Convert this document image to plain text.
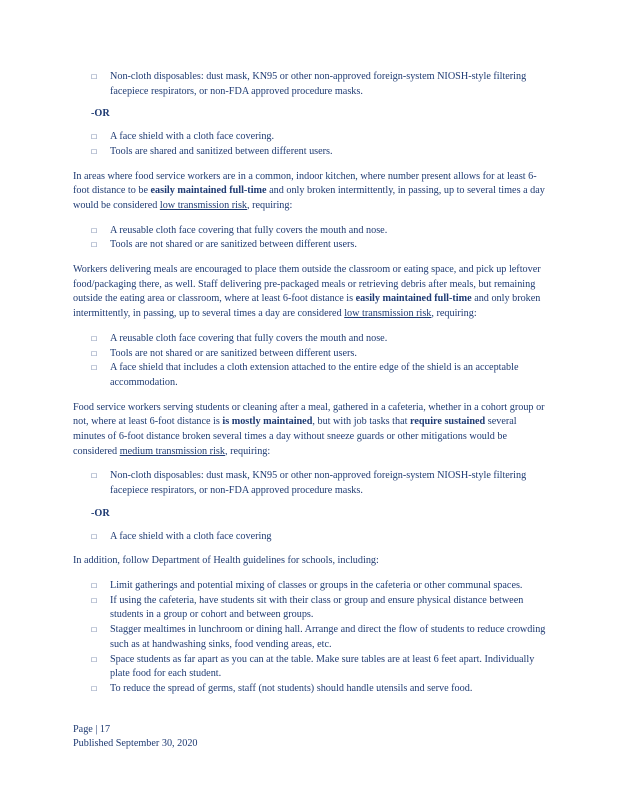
□ Non-cloth disposables: dust mask, KN95 or other non-approved foreign-system NIOSH-style filtering facepiece respirators, or non-FDA approved procedure masks.

-OR

□ A face shield with a cloth face covering.
□ Tools are shared and sanitized between different users.

In areas where food service workers are in a common, indoor kitchen, where number present allows for at least 6-foot distance to be easily maintained full-time and only broken intermittently, in passing, up to several times a day would be considered low transmission risk, requiring:

□ A reusable cloth face covering that fully covers the mouth and nose.
□ Tools are not shared or are sanitized between different users.

Workers delivering meals are encouraged to place them outside the classroom or eating space, and pick up leftover food/packaging there, as well. Staff delivering pre-packaged meals or retrieving debris after meals, but remaining outside the eating area or classroom, where at least 6-foot distance is easily maintained full-time and only broken intermittently, in passing, up to several times a day are considered low transmission risk, requiring:

□ A reusable cloth face covering that fully covers the mouth and nose.
□ Tools are not shared or are sanitized between different users.
□ A face shield that includes a cloth extension attached to the entire edge of the shield is an acceptable accommodation.

Food service workers serving students or cleaning after a meal, gathered in a cafeteria, whether in a cohort group or not, where at least 6-foot distance is is mostly maintained, but with job tasks that require sustained several minutes of 6-foot distance broken several times a day without sneeze guards or other mitigations would be considered medium transmission risk, requiring:

□ Non-cloth disposables: dust mask, KN95 or other non-approved foreign-system NIOSH-style filtering facepiece respirators, or non-FDA approved procedure masks.

-OR

□ A face shield with a cloth face covering

In addition, follow Department of Health guidelines for schools, including:

□ Limit gatherings and potential mixing of classes or groups in the cafeteria or other communal spaces.
□ If using the cafeteria, have students sit with their class or group and ensure physical distance between students in a group or cohort and between groups.
□ Stagger mealtimes in lunchroom or dining hall. Arrange and direct the flow of students to reduce crowding such as at handwashing sinks, food vending areas, etc.
□ Space students as far apart as you can at the table. Make sure tables are at least 6 feet apart. Individually plate food for each student.
□ To reduce the spread of germs, staff (not students) should handle utensils and serve food.
Page | 17
Published September 30, 2020
